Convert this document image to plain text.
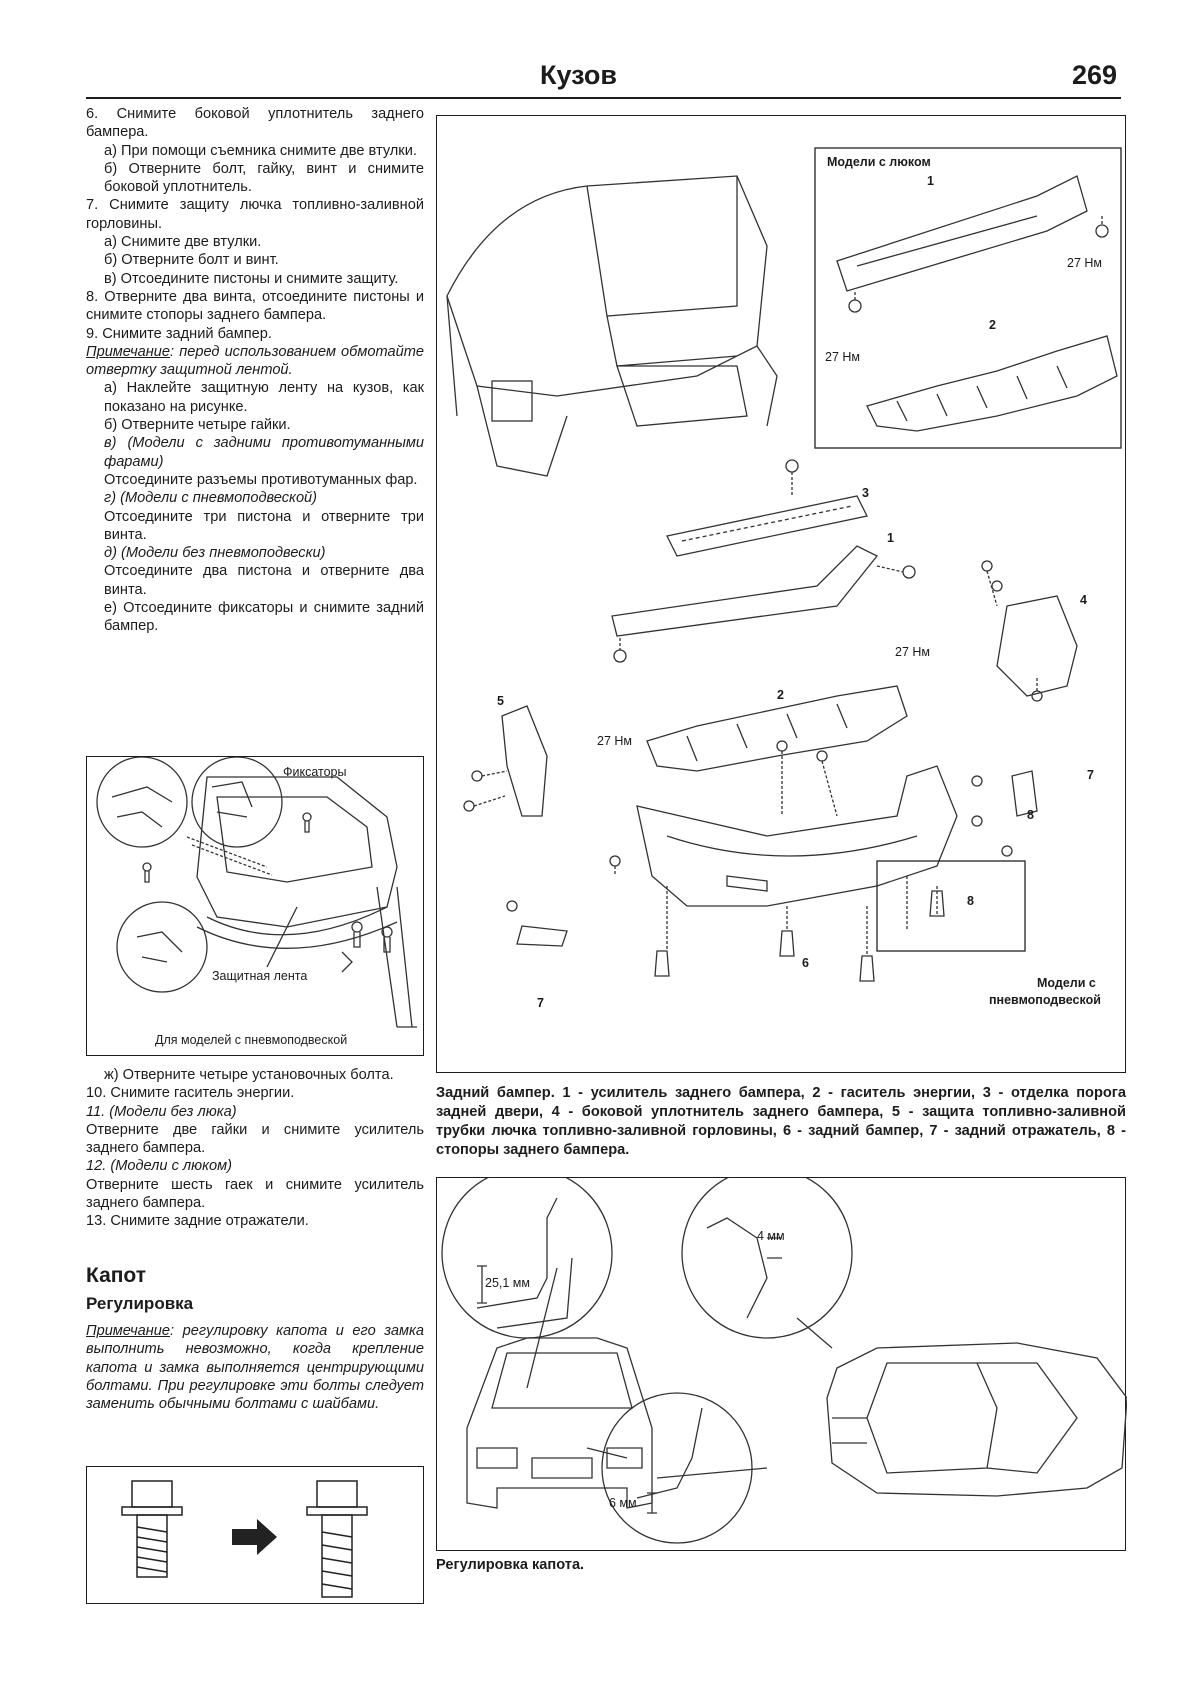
Кузов	269

6. Снимите боковой уплотнитель заднего бампера.

а) При помощи съемника снимите две втулки.

б) Отверните болт, гайку, винт и снимите боковой уплотнитель.

7. Снимите защиту лючка топливно-заливной горловины.

а) Снимите две втулки.

б) Отверните болт и винт.

в) Отсоедините пистоны и снимите защиту.

8. Отверните два винта, отсоедините пистоны и снимите стопоры заднего бампера.

9. Снимите задний бампер.

Примечание: перед использованием обмотайте отвертку защитной лентой.

а) Наклейте защитную ленту на кузов, как показано на рисунке.

б) Отверните четыре гайки.

в) (Модели с задними противотуманными фарами)

Отсоедините разъемы противотуманных фар.

г) (Модели с пневмоподвеской)

Отсоедините три пистона и отверните три винта.

д) (Модели без пневмоподвески)

Отсоедините два пистона и отверните два винта.

е) Отсоедините фиксаторы и снимите задний бампер.

Фиксаторы
Защитная лента
Для моделей с пневмоподвеской

ж) Отверните четыре установочных болта.

10. Снимите гаситель энергии.

11. (Модели без люка)

Отверните две гайки и снимите усилитель заднего бампера.

12. (Модели с люком)

Отверните шесть гаек и снимите усилитель заднего бампера.

13. Снимите задние отражатели.

Капот
Регулировка

Примечание: регулировку капота и его замка выполнить невозможно, когда крепление капота и замка выполняется центрирующими болтами. При регулировке эти болты следует заменить обычными болтами с шайбами.

Модели с люком
1
2
3
1
4
2
5
7
8
8
6
7
27 Нм
27 Нм
27 Нм
27 Нм
Модели с
пневмоподвеской
Задний бампер. 1 - усилитель заднего бампера, 2 - гаситель энергии, 3 - отделка порога задней двери, 4 - боковой уплотнитель заднего бампера, 5 - защита топливно-заливной трубки лючка топливно-заливной горловины, 6 - задний бампер, 7 - задний отражатель, 8 - стопоры заднего бампера.
25,1 мм
4 мм
6 мм
Регулировка капота.
